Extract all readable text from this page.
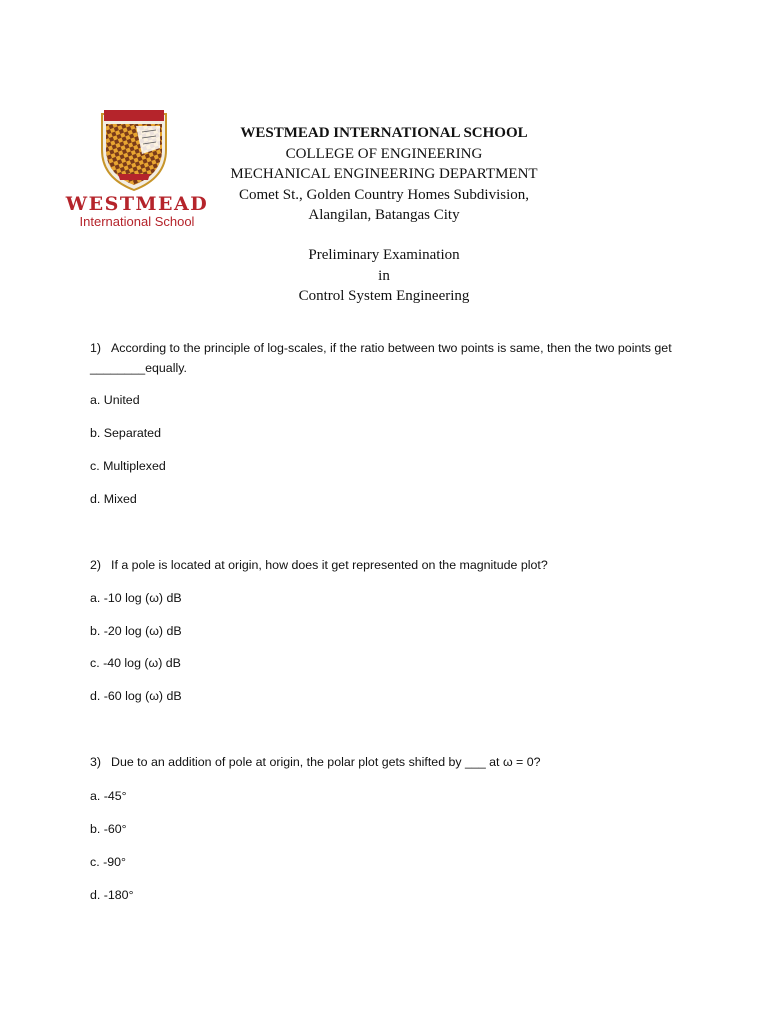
WESTMEAD
International School
WESTMEAD INTERNATIONAL SCHOOL
COLLEGE OF ENGINEERING
MECHANICAL ENGINEERING DEPARTMENT
Comet St., Golden Country Homes Subdivision,
Alangilan, Batangas City
Preliminary Examination
in
Control System Engineering
1) According to the principle of log-scales, if the ratio between two points is same, then the two points get ________equally.
a. United
b. Separated
c. Multiplexed
d. Mixed
2) If a pole is located at origin, how does it get represented on the magnitude plot?
a. -10 log (ω) dB
b. -20 log (ω) dB
c. -40 log (ω) dB
d. -60 log (ω) dB
3) Due to an addition of pole at origin, the polar plot gets shifted by ___ at ω = 0?
a. -45°
b. -60°
c. -90°
d. -180°
